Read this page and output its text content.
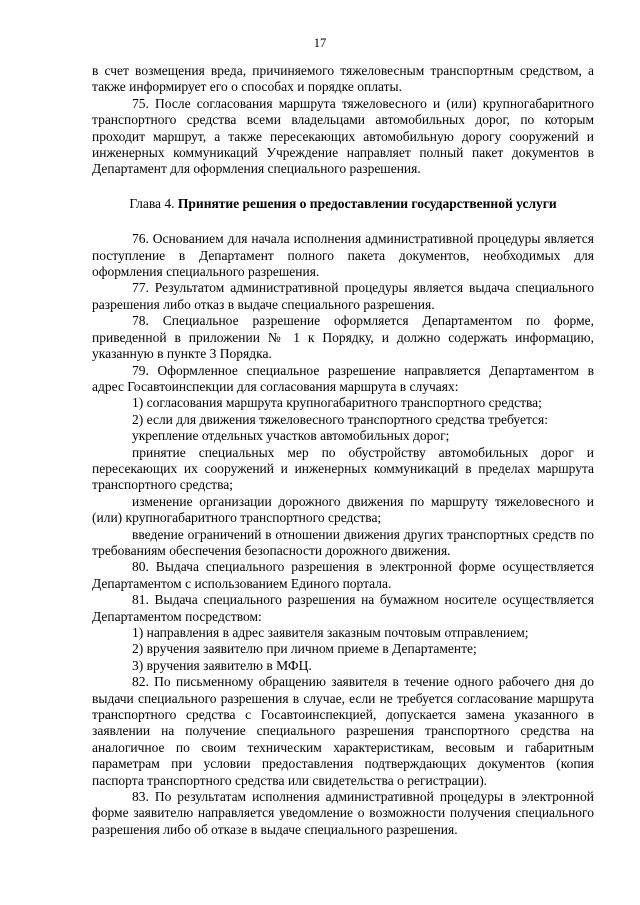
17

в счет возмещения вреда, причиняемого тяжеловесным транспортным средством, а также информирует его о способах и порядке оплаты.

75. После согласования маршрута тяжеловесного и (или) крупногабаритного транспортного средства всеми владельцами автомобильных дорог, по которым проходит маршрут, а также пересекающих автомобильную дорогу сооружений и инженерных коммуникаций Учреждение направляет полный пакет документов в Департамент для оформления специального разрешения.

Глава 4. Принятие решения о предоставлении государственной услуги

76. Основанием для начала исполнения административной процедуры является поступление в Департамент полного пакета документов, необходимых для оформления специального разрешения.

77. Результатом административной процедуры является выдача специального разрешения либо отказ в выдаче специального разрешения.

78. Специальное разрешение оформляется Департаментом по форме, приведенной в приложении № 1 к Порядку, и должно содержать информацию, указанную в пункте 3 Порядка.

79. Оформленное специальное разрешение направляется Департаментом в адрес Госавтоинспекции для согласования маршрута в случаях:

1) согласования маршрута крупногабаритного транспортного средства;

2) если для движения тяжеловесного транспортного средства требуется:

укрепление отдельных участков автомобильных дорог;

принятие специальных мер по обустройству автомобильных дорог и пересекающих их сооружений и инженерных коммуникаций в пределах маршрута транспортного средства;

изменение организации дорожного движения по маршруту тяжеловесного и (или) крупногабаритного транспортного средства;

введение ограничений в отношении движения других транспортных средств по требованиям обеспечения безопасности дорожного движения.

80. Выдача специального разрешения в электронной форме осуществляется Департаментом с использованием Единого портала.

81. Выдача специального разрешения на бумажном носителе осуществляется Департаментом посредством:

1) направления в адрес заявителя заказным почтовым отправлением;

2) вручения заявителю при личном приеме в Департаменте;

3) вручения заявителю в МФЦ.

82. По письменному обращению заявителя в течение одного рабочего дня до выдачи специального разрешения в случае, если не требуется согласование маршрута транспортного средства с Госавтоинспекцией, допускается замена указанного в заявлении на получение специального разрешения транспортного средства на аналогичное по своим техническим характеристикам, весовым и габаритным параметрам при условии предоставления подтверждающих документов (копия паспорта транспортного средства или свидетельства о регистрации).

83. По результатам исполнения административной процедуры в электронной форме заявителю направляется уведомление о возможности получения специального разрешения либо об отказе в выдаче специального разрешения.
